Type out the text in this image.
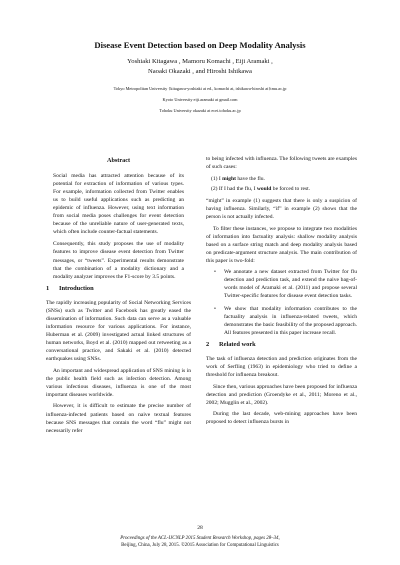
Disease Event Detection based on Deep Modality Analysis
Yoshiaki Kitagawa , Mamoru Komachi , Eiji Aramaki ,
Naoaki Okazaki , and Hiroshi Ishikawa
Tokyo Metropolitan University {kitagawa-yoshiaki at ed., komachi at, ishikawa-hiroshi at}tmu.ac.jp
Kyoto University eiji.aramaki at gmail.com
Tohoku University okazaki at ecei.tohoku.ac.jp
Abstract

Social media has attracted attention because of its potential for extraction of information of various types. For example, information collected from Twitter enables us to build useful applications such as predicting an epidemic of influenza. However, using text information from social media poses challenges for event detection because of the unreliable nature of user-generated texts, which often include counter-factual statements.

Consequently, this study proposes the use of modality features to improve disease event detection from Twitter messages, or “tweets”. Experimental results demonstrate that the combination of a modality dictionary and a modality analyzer improves the F1-score by 3.5 points.

1 Introduction

The rapidly increasing popularity of Social Networking Services (SNSs) such as Twitter and Facebook has greatly eased the dissemination of information. Such data can serve as a valuable information resource for various applications. For instance, Huberman et al. (2009) investigated actual linked structures of human networks, Boyd et al. (2010) mapped out retweeting as a conversational practice, and Sakaki et al. (2010) detected earthquakes using SNSs.

An important and widespread application of SNS mining is in the public health field such as infection detection. Among various infectious diseases, influenza is one of the most important diseases worldwide.

However, it is difficult to estimate the precise number of influenza-infected patients based on naive textual features because SNS messages that contain the word “flu” might not necessarily refer

to being infected with influenza. The following tweets are examples of such cases:

(1) I might have the flu.
(2) If I had the flu, I would be forced to rest.

“might” in example (1) suggests that there is only a suspicion of having influenza. Similarly, “if” in example (2) shows that the person is not actually infected.

To filter these instances, we propose to integrate two modalities of information into factuality analysis: shallow modality analysis based on a surface string match and deep modality analysis based on predicate-argument structure analysis. The main contribution of this paper is two-fold:

• We annotate a new dataset extracted from Twitter for flu detection and prediction task, and extend the naive bag-of-words model of Aramaki et al. (2011) and propose several Twitter-specific features for disease event detection tasks.
• We show that modality information contributes to the factuality analysis in influenza-related tweets, which demonstrates the basic feasibility of the proposed approach. All features presented in this paper increase recall.
2 Related work

The task of influenza detection and prediction originates from the work of Serfling (1963) in epidemiology who tried to define a threshold for influenza breakout.

Since then, various approaches have been proposed for influenza detection and prediction (Groendyke et al., 2011; Moreno et al., 2002; Mugglin et al., 2002).

During the last decade, web-mining approaches have been proposed to detect influenza bursts in

28
Proceedings of the ACL-IJCNLP 2015 Student Research Workshop, pages 28–34,
Beijing, China, July 28, 2015. ©2015 Association for Computational Linguistics
